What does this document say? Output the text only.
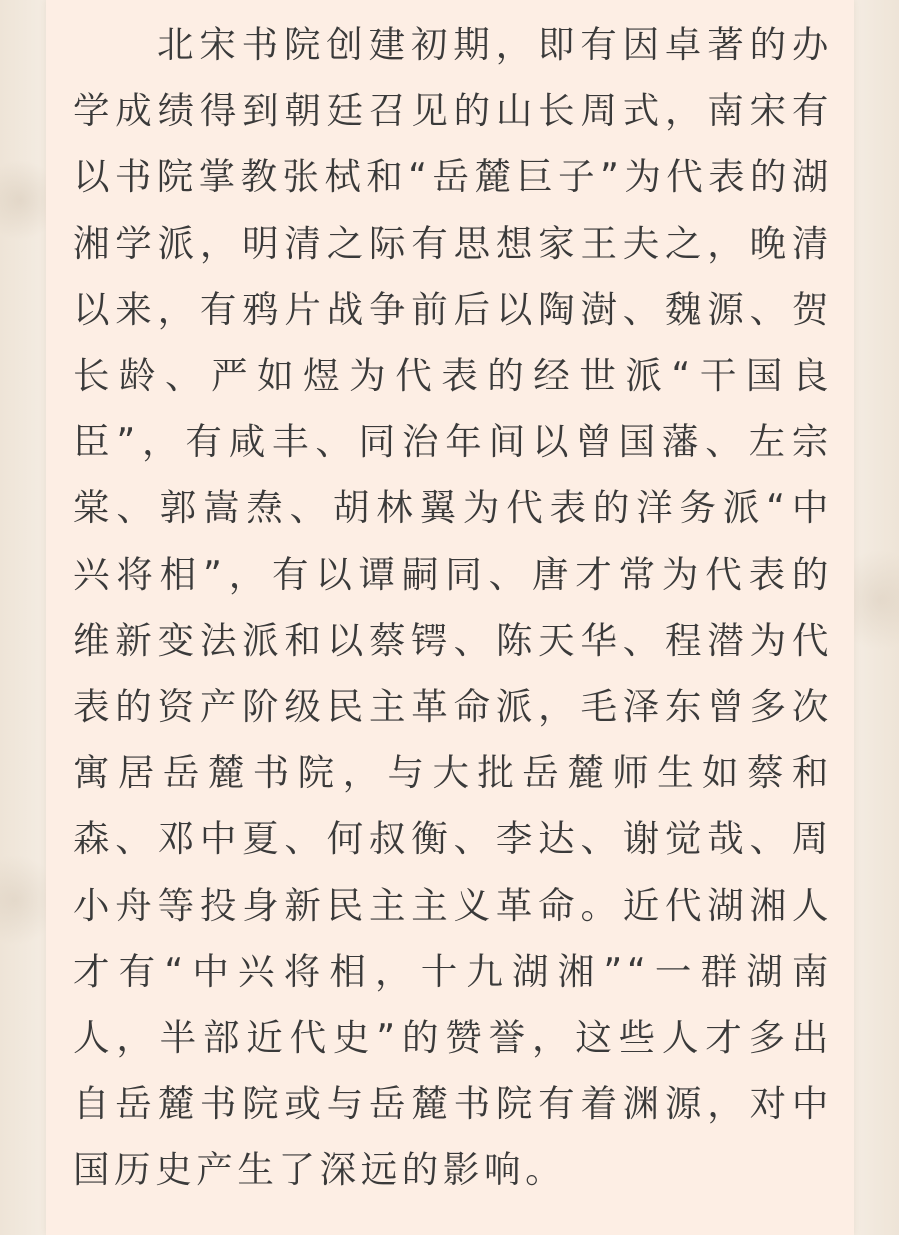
北宋书院创建初期，即有因卓著的办学成绩得到朝廷召见的山长周式，南宋有以书院掌教张栻和“岳麓巨子”为代表的湖湘学派，明清之际有思想家王夫之，晚清以来，有鸦片战争前后以陶澍、魏源、贺长龄、严如煜为代表的经世派“干国良臣”，有咸丰、同治年间以曾国藩、左宗棠、郭嵩焘、胡林翼为代表的洋务派“中兴将相”，有以谭嗣同、唐才常为代表的维新变法派和以蔡锷、陈天华、程潜为代表的资产阶级民主革命派，毛泽东曾多次寓居岳麓书院，与大批岳麓师生如蔡和森、邓中夏、何叔衡、李达、谢觉哉、周小舟等投身新民主主义革命。近代湖湘人才有“中兴将相，十九湖湘”“一群湖南人，半部近代史”的赞誉，这些人才多出自岳麓书院或与岳麓书院有着渊源，对中国历史产生了深远的影响。
